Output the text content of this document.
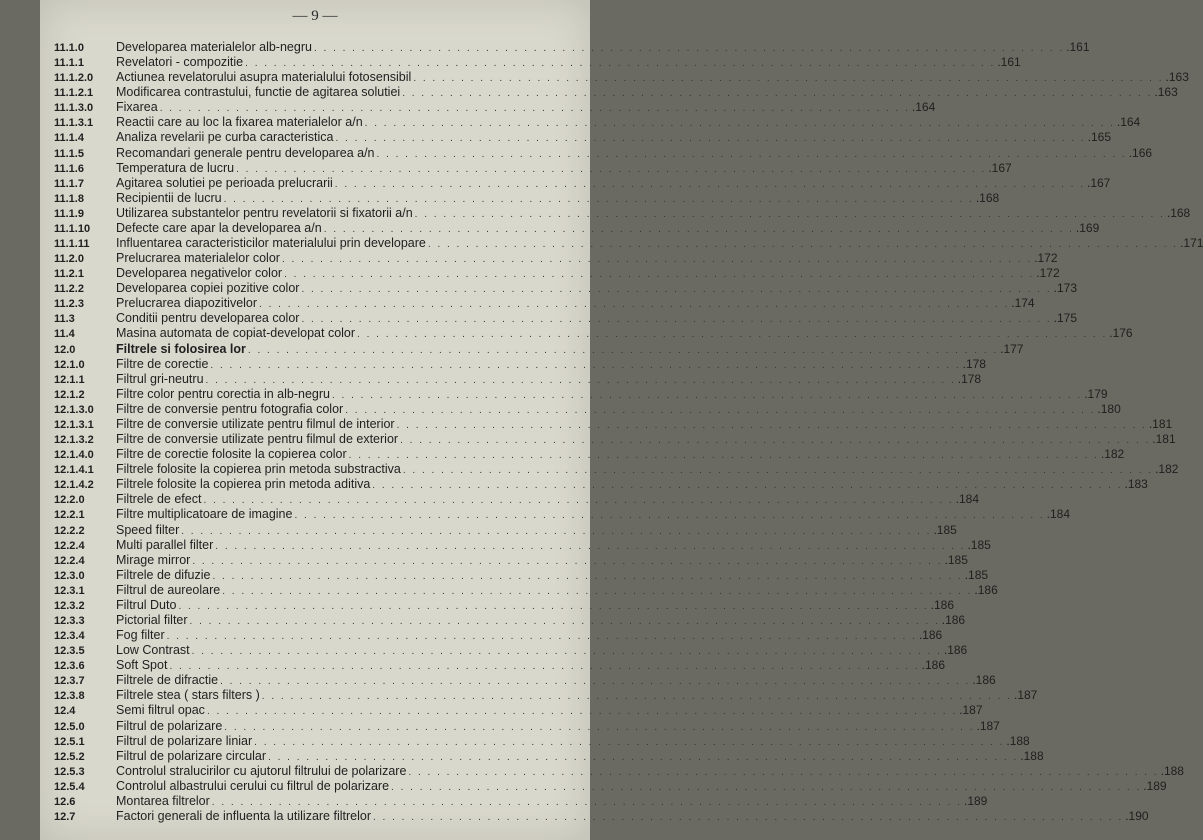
— 9 —
11.1.0	Developarea materialelor alb-negru . . .	.161
11.1.1	Revelatori - compozitie . . .	.161
11.1.2.0	Actiunea revelatorului asupra materialului fotosensibil . . .	.163
11.1.2.1	Modificarea contrastului, functie de agitarea solutiei . . .	.163
11.1.3.0	Fixarea . . .	.164
11.1.3.1	Reactii care au loc la fixarea materialelor a/n . . .	.164
11.1.4	Analiza revelarii pe curba caracteristica . . .	.165
11.1.5	Recomandari generale pentru developarea a/n . . .	.166
11.1.6	Temperatura de lucru . . .	.167
11.1.7	Agitarea solutiei pe perioada prelucrarii . . .	.167
11.1.8	Recipientii de lucru . . .	.168
11.1.9	Utilizarea substantelor pentru revelatorii si fixatorii a/n . . .	.168
11.1.10	Defecte care apar la developarea a/n . . .	.169
11.1.11	Influentarea caracteristicilor materialului prin developare . . .	.171
11.2.0	Prelucrarea materialelor color . . .	.172
11.2.1	Developarea negativelor color . . .	.172
11.2.2	Developarea copiei pozitive color . . .	.173
11.2.3	Prelucrarea diapozitivelor . . .	.174
11.3	Conditii pentru developarea color . . .	.175
11.4	Masina automata de copiat-developat color . . .	.176
12.0	Filtrele si folosirea lor . . .	.177
12.1.0	Filtre de corectie . . .	.178
12.1.1	Filtrul gri-neutru . . .	.178
12.1.2	Filtre color pentru corectia in alb-negru . . .	.179
12.1.3.0	Filtre de conversie pentru fotografia color . . .	.180
12.1.3.1	Filtre de conversie utilizate pentru filmul de interior . . .	.181
12.1.3.2	Filtre de conversie utilizate pentru filmul de exterior . . .	.181
12.1.4.0	Filtre de corectie folosite la copierea color . . .	.182
12.1.4.1	Filtrele folosite la copierea prin metoda substractiva . . .	.182
12.1.4.2	Filtrele folosite la copierea prin metoda aditiva . . .	.183
12.2.0	Filtrele de efect . . .	.184
12.2.1	Filtre multiplicatoare de imagine . . .	.184
12.2.2	Speed filter . . .	.185
12.2.4	Multi parallel filter . . .	.185
12.2.4	Mirage mirror . . .	.185
12.3.0	Filtrele de difuzie . . .	.185
12.3.1	Filtrul de aureolare . . .	.186
12.3.2	Filtrul Duto . . .	.186
12.3.3	Pictorial filter . . .	.186
12.3.4	Fog filter . . .	.186
12.3.5	Low Contrast . . .	.186
12.3.6	Soft Spot . . .	.186
12.3.7	Filtrele de difractie . . .	.186
12.3.8	Filtrele stea ( stars filters ) . . .	.187
12.4	Semi filtrul opac . . .	.187
12.5.0	Filtrul de polarizare . . .	.187
12.5.1	Filtrul de polarizare liniar . . .	.188
12.5.2	Filtrul de polarizare circular . . .	.188
12.5.3	Controlul stralucirilor cu ajutorul filtrului de polarizare . . .	.188
12.5.4	Controlul albastrului cerului cu filtrul de polarizare . . .	.189
12.6	Montarea filtrelor . . .	.189
12.7	Factori generali de influenta la utilizare filtrelor . . .	.190
